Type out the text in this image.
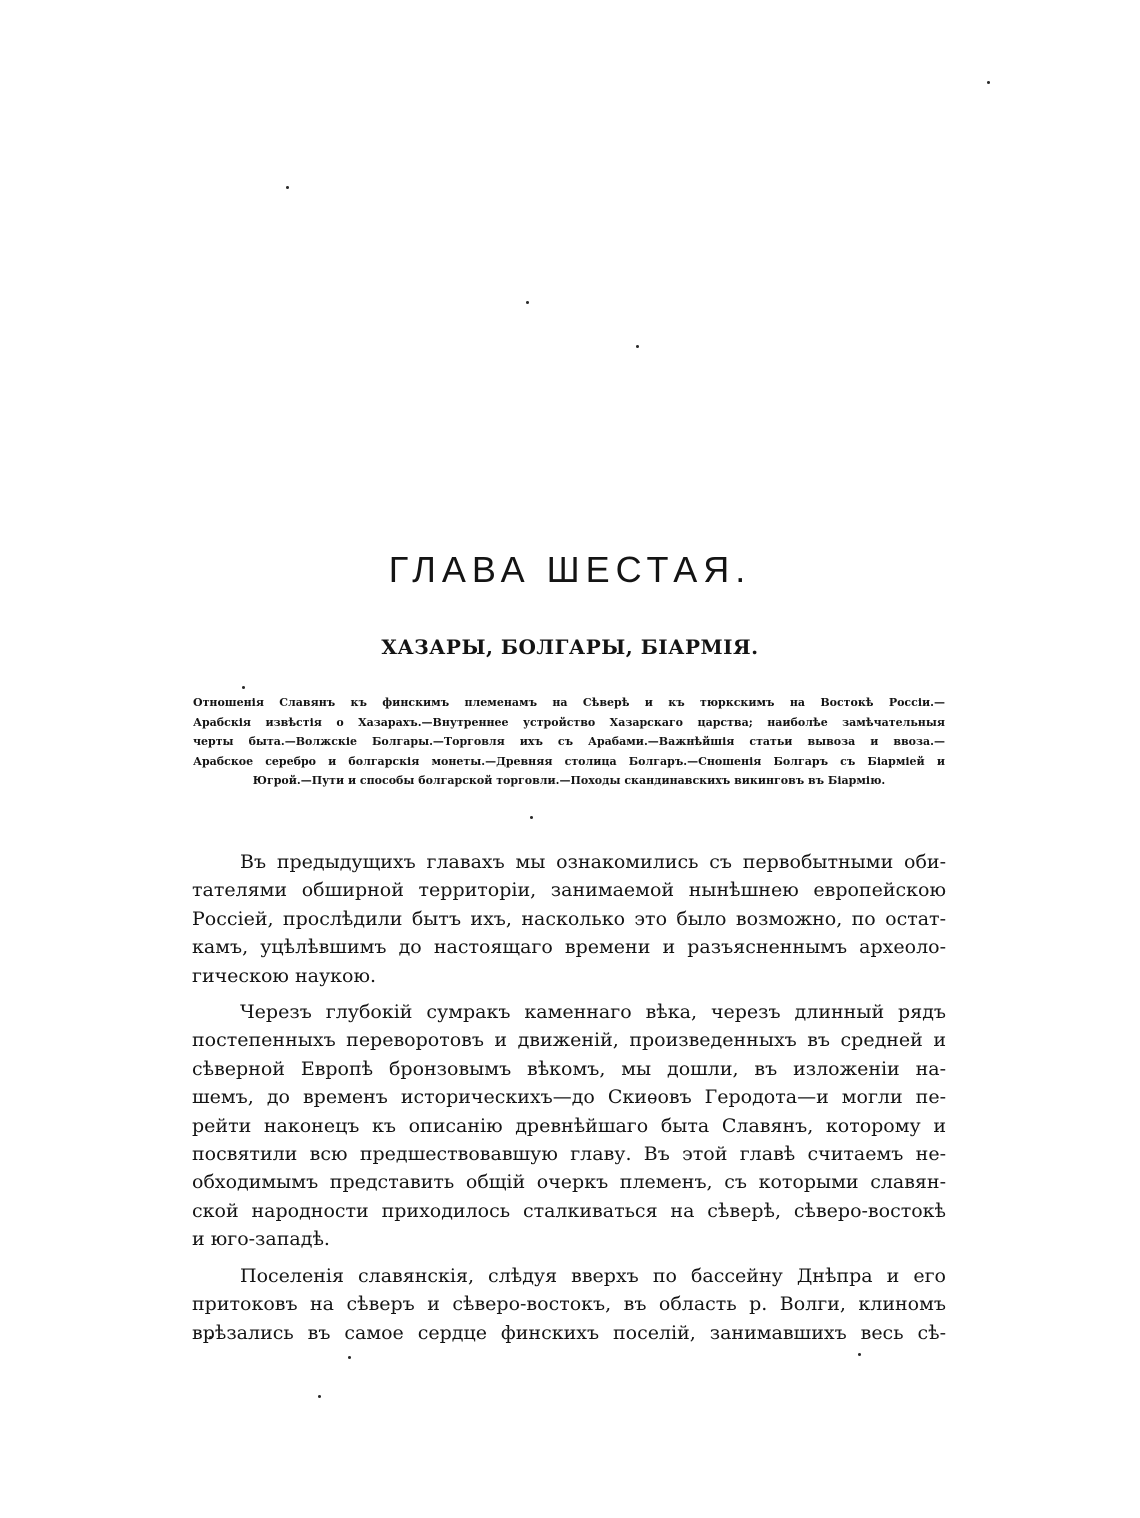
ГЛАВА ШЕСТАЯ.
ХАЗАРЫ, БОЛГАРЫ, БІАРМІЯ.
Отношенія Славянъ къ финскимъ племенамъ на Сѣверѣ и къ тюркскимъ на Востокѣ Россіи.—
Арабскія извѣстія о Хазарахъ.—Внутреннее устройство Хазарскаго царства; наиболѣе замѣчательныя
черты быта.—Волжскіе Болгары.—Торговля ихъ съ Арабами.—Важнѣйшія статьи вывоза и ввоза.—
Арабское серебро и болгарскія монеты.—Древняя столица Болгаръ.—Сношенія Болгаръ съ Біарміей и
Югрой.—Пути и способы болгарской торговли.—Походы скандинавскихъ викинговъ въ Біармію.
Въ предыдущихъ главахъ мы ознакомились съ первобытными оби-
тателями обширной территоріи, занимаемой нынѣшнею европейскою
Россіей, прослѣдили бытъ ихъ, насколько это было возможно, по остат-
камъ, уцѣлѣвшимъ до настоящаго времени и разъясненнымъ археоло-
гическою наукою.
Черезъ глубокій сумракъ каменнаго вѣка, черезъ длинный рядъ
постепенныхъ переворотовъ и движеній, произведенныхъ въ средней и
сѣверной Европѣ бронзовымъ вѣкомъ, мы дошли, въ изложеніи на-
шемъ, до временъ историческихъ—до Скиѳовъ Геродота—и могли пе-
рейти наконецъ къ описанію древнѣйшаго быта Славянъ, которому и
посвятили всю предшествовавшую главу. Въ этой главѣ считаемъ не-
обходимымъ представить общій очеркъ племенъ, съ которыми славян-
ской народности приходилось сталкиваться на сѣверѣ, сѣверо-востокѣ
и юго-западѣ.
Поселенія славянскія, слѣдуя вверхъ по бассейну Днѣпра и его
притоковъ на сѣверъ и сѣверо-востокъ, въ область р. Волги, клиномъ
врѣзались въ самое сердце финскихъ поселій, занимавшихъ весь сѣ-
